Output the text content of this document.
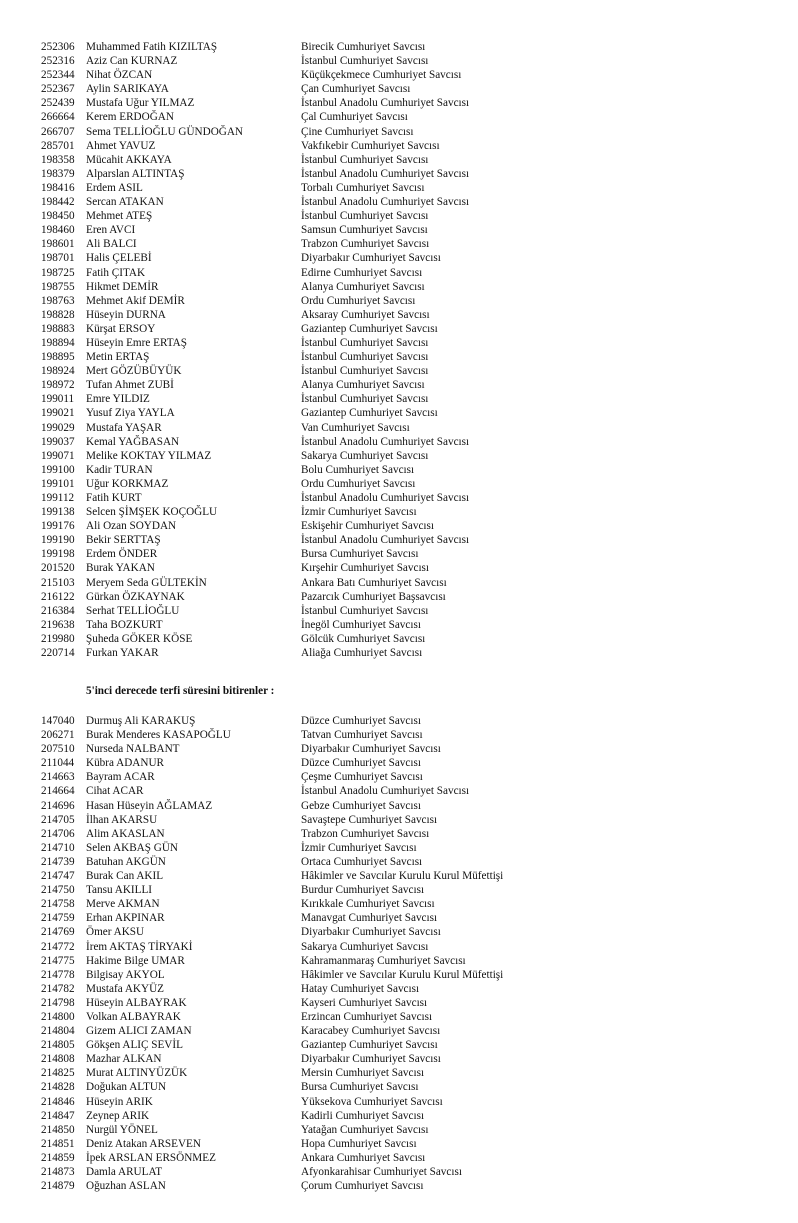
252306 Muhammed Fatih KIZILTAŞ	Birecik Cumhuriyet Savcısı
252316 Aziz Can KURNAZ	İstanbul Cumhuriyet Savcısı
252344 Nihat ÖZCAN	Küçükçekmece Cumhuriyet Savcısı
252367 Aylin SARIKAYA	Çan Cumhuriyet Savcısı
252439 Mustafa Uğur YILMAZ	İstanbul Anadolu Cumhuriyet Savcısı
266664 Kerem ERDOĞAN	Çal Cumhuriyet Savcısı
266707 Sema TELLİOĞLU GÜNDOĞAN	Çine Cumhuriyet Savcısı
285701 Ahmet YAVUZ	Vakfıkebir Cumhuriyet Savcısı
198358 Mücahit AKKAYA	İstanbul Cumhuriyet Savcısı
198379 Alparslan ALTINTAŞ	İstanbul Anadolu Cumhuriyet Savcısı
198416 Erdem ASIL	Torbalı Cumhuriyet Savcısı
198442 Sercan ATAKAN	İstanbul Anadolu Cumhuriyet Savcısı
198450 Mehmet ATEŞ	İstanbul Cumhuriyet Savcısı
198460 Eren AVCI	Samsun Cumhuriyet Savcısı
198601 Ali BALCI	Trabzon Cumhuriyet Savcısı
198701 Halis ÇELEBİ	Diyarbakır Cumhuriyet Savcısı
198725 Fatih ÇITAK	Edirne Cumhuriyet Savcısı
198755 Hikmet DEMİR	Alanya Cumhuriyet Savcısı
198763 Mehmet Akif DEMİR	Ordu Cumhuriyet Savcısı
198828 Hüseyin DURNA	Aksaray Cumhuriyet Savcısı
198883 Kürşat ERSOY	Gaziantep Cumhuriyet Savcısı
198894 Hüseyin Emre ERTAŞ	İstanbul Cumhuriyet Savcısı
198895 Metin ERTAŞ	İstanbul Cumhuriyet Savcısı
198924 Mert GÖZÜBÜYÜK	İstanbul Cumhuriyet Savcısı
198972 Tufan Ahmet ZUBİ	Alanya Cumhuriyet Savcısı
199011 Emre YILDIZ	İstanbul Cumhuriyet Savcısı
199021 Yusuf Ziya YAYLA	Gaziantep Cumhuriyet Savcısı
199029 Mustafa YAŞAR	Van Cumhuriyet Savcısı
199037 Kemal YAĞBASAN	İstanbul Anadolu Cumhuriyet Savcısı
199071 Melike KOKTAY YILMAZ	Sakarya Cumhuriyet Savcısı
199100 Kadir TURAN	Bolu Cumhuriyet Savcısı
199101 Uğur KORKMAZ	Ordu Cumhuriyet Savcısı
199112 Fatih KURT	İstanbul Anadolu Cumhuriyet Savcısı
199138 Selcen ŞİMŞEK KOÇOĞLU	İzmir Cumhuriyet Savcısı
199176 Ali Ozan SOYDAN	Eskişehir Cumhuriyet Savcısı
199190 Bekir SERTTAŞ	İstanbul Anadolu Cumhuriyet Savcısı
199198 Erdem ÖNDER	Bursa Cumhuriyet Savcısı
201520 Burak YAKAN	Kırşehir Cumhuriyet Savcısı
215103 Meryem Seda GÜLTEKİN	Ankara Batı Cumhuriyet Savcısı
216122 Gürkan ÖZKAYNAK	Pazarcık Cumhuriyet Başsavcısı
216384 Serhat TELLİOĞLU	İstanbul Cumhuriyet Savcısı
219638 Taha BOZKURT	İnegöl Cumhuriyet Savcısı
219980 Şuheda GÖKER KÖSE	Gölcük Cumhuriyet Savcısı
220714 Furkan YAKAR	Aliağa Cumhuriyet Savcısı
5'inci derecede terfi süresini bitirenler :
147040 Durmuş Ali KARAKUŞ	Düzce Cumhuriyet Savcısı
206271 Burak Menderes KASAPOĞLU	Tatvan Cumhuriyet Savcısı
207510 Nurseda NALBANT	Diyarbakır Cumhuriyet Savcısı
211044 Kübra ADANUR	Düzce Cumhuriyet Savcısı
214663 Bayram ACAR	Çeşme Cumhuriyet Savcısı
214664 Cihat ACAR	İstanbul Anadolu Cumhuriyet Savcısı
214696 Hasan Hüseyin AĞLAMAZ	Gebze Cumhuriyet Savcısı
214705 İlhan AKARSU	Savaştepe Cumhuriyet Savcısı
214706 Alim AKASLAN	Trabzon Cumhuriyet Savcısı
214710 Selen AKBAŞ GÜN	İzmir Cumhuriyet Savcısı
214739 Batuhan AKGÜN	Ortaca Cumhuriyet Savcısı
214747 Burak Can AKIL	Hâkimler ve Savcılar Kurulu Kurul Müfettişi
214750 Tansu AKILLI	Burdur Cumhuriyet Savcısı
214758 Merve AKMAN	Kırıkkale Cumhuriyet Savcısı
214759 Erhan AKPINAR	Manavgat Cumhuriyet Savcısı
214769 Ömer AKSU	Diyarbakır Cumhuriyet Savcısı
214772 İrem AKTAŞ TİRYAKİ	Sakarya Cumhuriyet Savcısı
214775 Hakime Bilge UMAR	Kahramanmaraş Cumhuriyet Savcısı
214778 Bilgisay AKYOL	Hâkimler ve Savcılar Kurulu Kurul Müfettişi
214782 Mustafa AKYÜZ	Hatay Cumhuriyet Savcısı
214798 Hüseyin ALBAYRAK	Kayseri Cumhuriyet Savcısı
214800 Volkan ALBAYRAK	Erzincan Cumhuriyet Savcısı
214804 Gizem ALICI ZAMAN	Karacabey Cumhuriyet Savcısı
214805 Gökşen ALIÇ SEVİL	Gaziantep Cumhuriyet Savcısı
214808 Mazhar ALKAN	Diyarbakır Cumhuriyet Savcısı
214825 Murat ALTINYÜZÜK	Mersin Cumhuriyet Savcısı
214828 Doğukan ALTUN	Bursa Cumhuriyet Savcısı
214846 Hüseyin ARIK	Yüksekova Cumhuriyet Savcısı
214847 Zeynep ARIK	Kadirli Cumhuriyet Savcısı
214850 Nurgül YÖNEL	Yatağan Cumhuriyet Savcısı
214851 Deniz Atakan ARSEVEN	Hopa Cumhuriyet Savcısı
214859 İpek ARSLAN ERSÖNMEZ	Ankara Cumhuriyet Savcısı
214873 Damla ARULAT	Afyonkarahisar Cumhuriyet Savcısı
214879 Oğuzhan ASLAN	Çorum Cumhuriyet Savcısı
